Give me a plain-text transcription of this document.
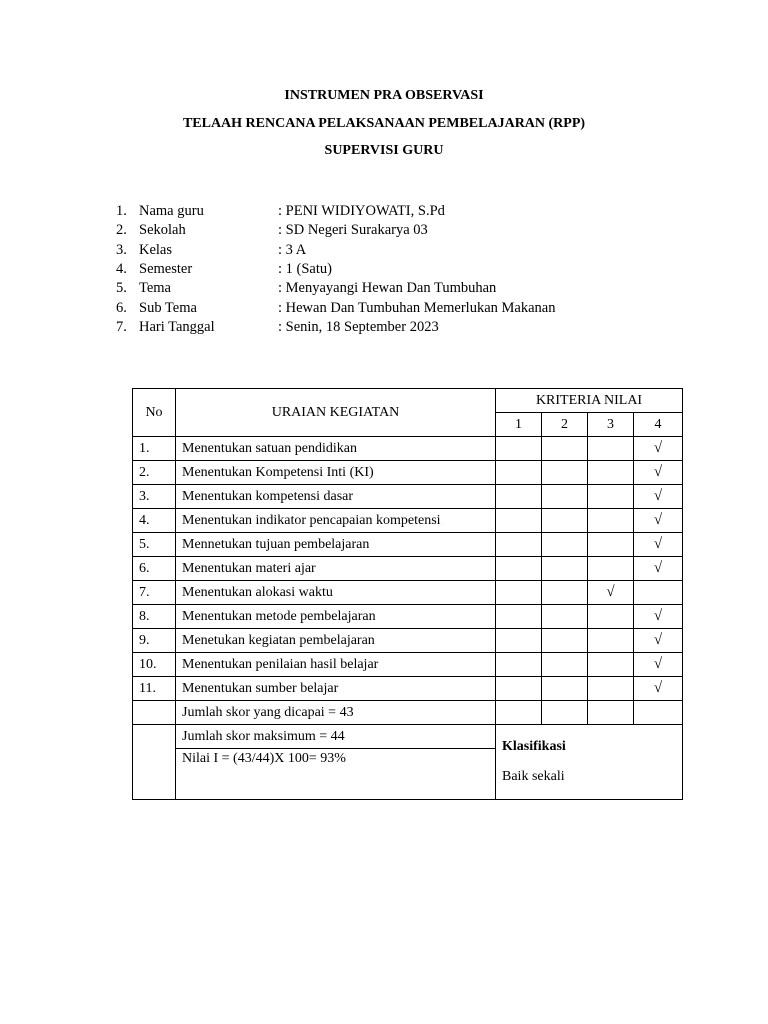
INSTRUMEN PRA OBSERVASI
TELAAH RENCANA PELAKSANAAN PEMBELAJARAN (RPP)
SUPERVISI GURU
1. Nama guru	: PENI WIDIYOWATI, S.Pd
2. Sekolah	: SD Negeri Surakarya 03
3. Kelas	: 3 A
4. Semester	: 1 (Satu)
5. Tema	: Menyayangi Hewan Dan Tumbuhan
6. Sub Tema	: Hewan Dan Tumbuhan Memerlukan Makanan
7. Hari Tanggal	: Senin, 18 September 2023
No	URAIAN KEGIATAN	KRITERIA NILAI			
		1	2	3	4
1.	Menentukan satuan pendidikan				√
2.	Menentukan Kompetensi Inti (KI)				√
3.	Menentukan kompetensi dasar				√
4.	Menentukan indikator pencapaian kompetensi				√
5.	Mennetukan tujuan pembelajaran				√
6.	Menentukan materi ajar				√
7.	Menentukan alokasi waktu			√	
8.	Menentukan metode pembelajaran				√
9.	Menetukan kegiatan pembelajaran				√
10.	Menentukan penilaian hasil belajar				√
11.	Menentukan sumber belajar				√
	Jumlah skor yang dicapai = 43				
	Jumlah skor maksimum = 44	Klasifikasi
Baik sekali			

	Nilai I = (43/44)X 100= 93%				
